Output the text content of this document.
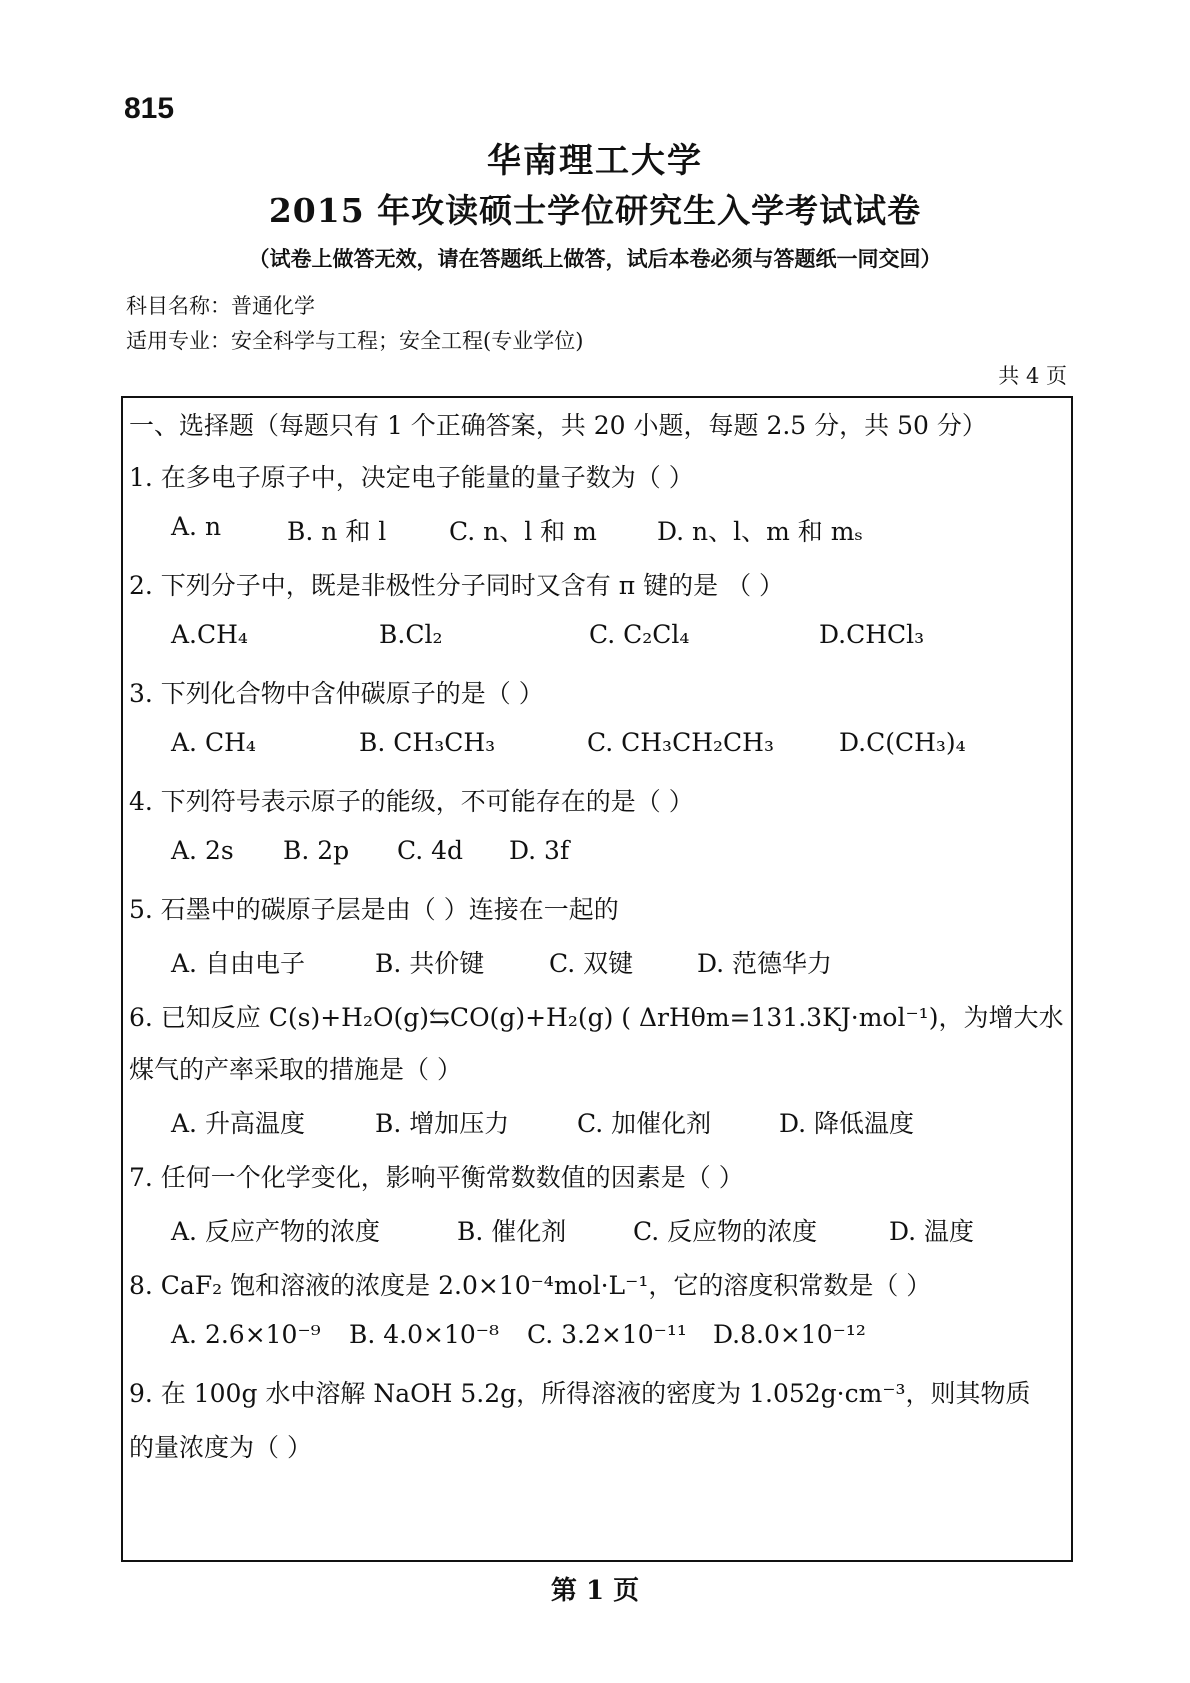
815
华南理工大学
2015 年攻读硕士学位研究生入学考试试卷
（试卷上做答无效，请在答题纸上做答，试后本卷必须与答题纸一同交回）
科目名称：普通化学
适用专业：安全科学与工程；安全工程(专业学位)
共 4 页
一、选择题（每题只有 1 个正确答案，共 20 小题，每题 2.5 分，共 50 分）
1. 在多电子原子中，决定电子能量的量子数为（ ）
A. n	B. n 和 l	C. n、l 和 m D. n、l、m 和 mₛ
2. 下列分子中，既是非极性分子同时又含有 π 键的是 （ ）
A.CH₄	B.Cl₂	C. C₂Cl₄	D.CHCl₃
3. 下列化合物中含仲碳原子的是（ ）
A. CH₄	B. CH₃CH₃	C. CH₃CH₂CH₃	D.C(CH₃)₄
4. 下列符号表示原子的能级，不可能存在的是（ ）
A. 2s B. 2p C. 4d D. 3f
5. 石墨中的碳原子层是由（ ）连接在一起的
A. 自由电子	B. 共价键	C. 双键	D. 范德华力
6. 已知反应 C(s)+H₂O(g)⇆CO(g)+H₂(g) ( ΔrHθm=131.3KJ·mol⁻¹)，为增大水
煤气的产率采取的措施是（ ）
A. 升高温度	B. 增加压力	C. 加催化剂	D. 降低温度
7. 任何一个化学变化，影响平衡常数数值的因素是（ ）
A. 反应产物的浓度	B. 催化剂	C. 反应物的浓度	D. 温度
8. CaF₂ 饱和溶液的浓度是 2.0×10⁻⁴mol·L⁻¹，它的溶度积常数是（ ）
A. 2.6×10⁻⁹ B. 4.0×10⁻⁸ C. 3.2×10⁻¹¹ D.8.0×10⁻¹²
9. 在 100g 水中溶解 NaOH 5.2g，所得溶液的密度为 1.052g·cm⁻³，则其物质
的量浓度为（ ）
第 1 页
